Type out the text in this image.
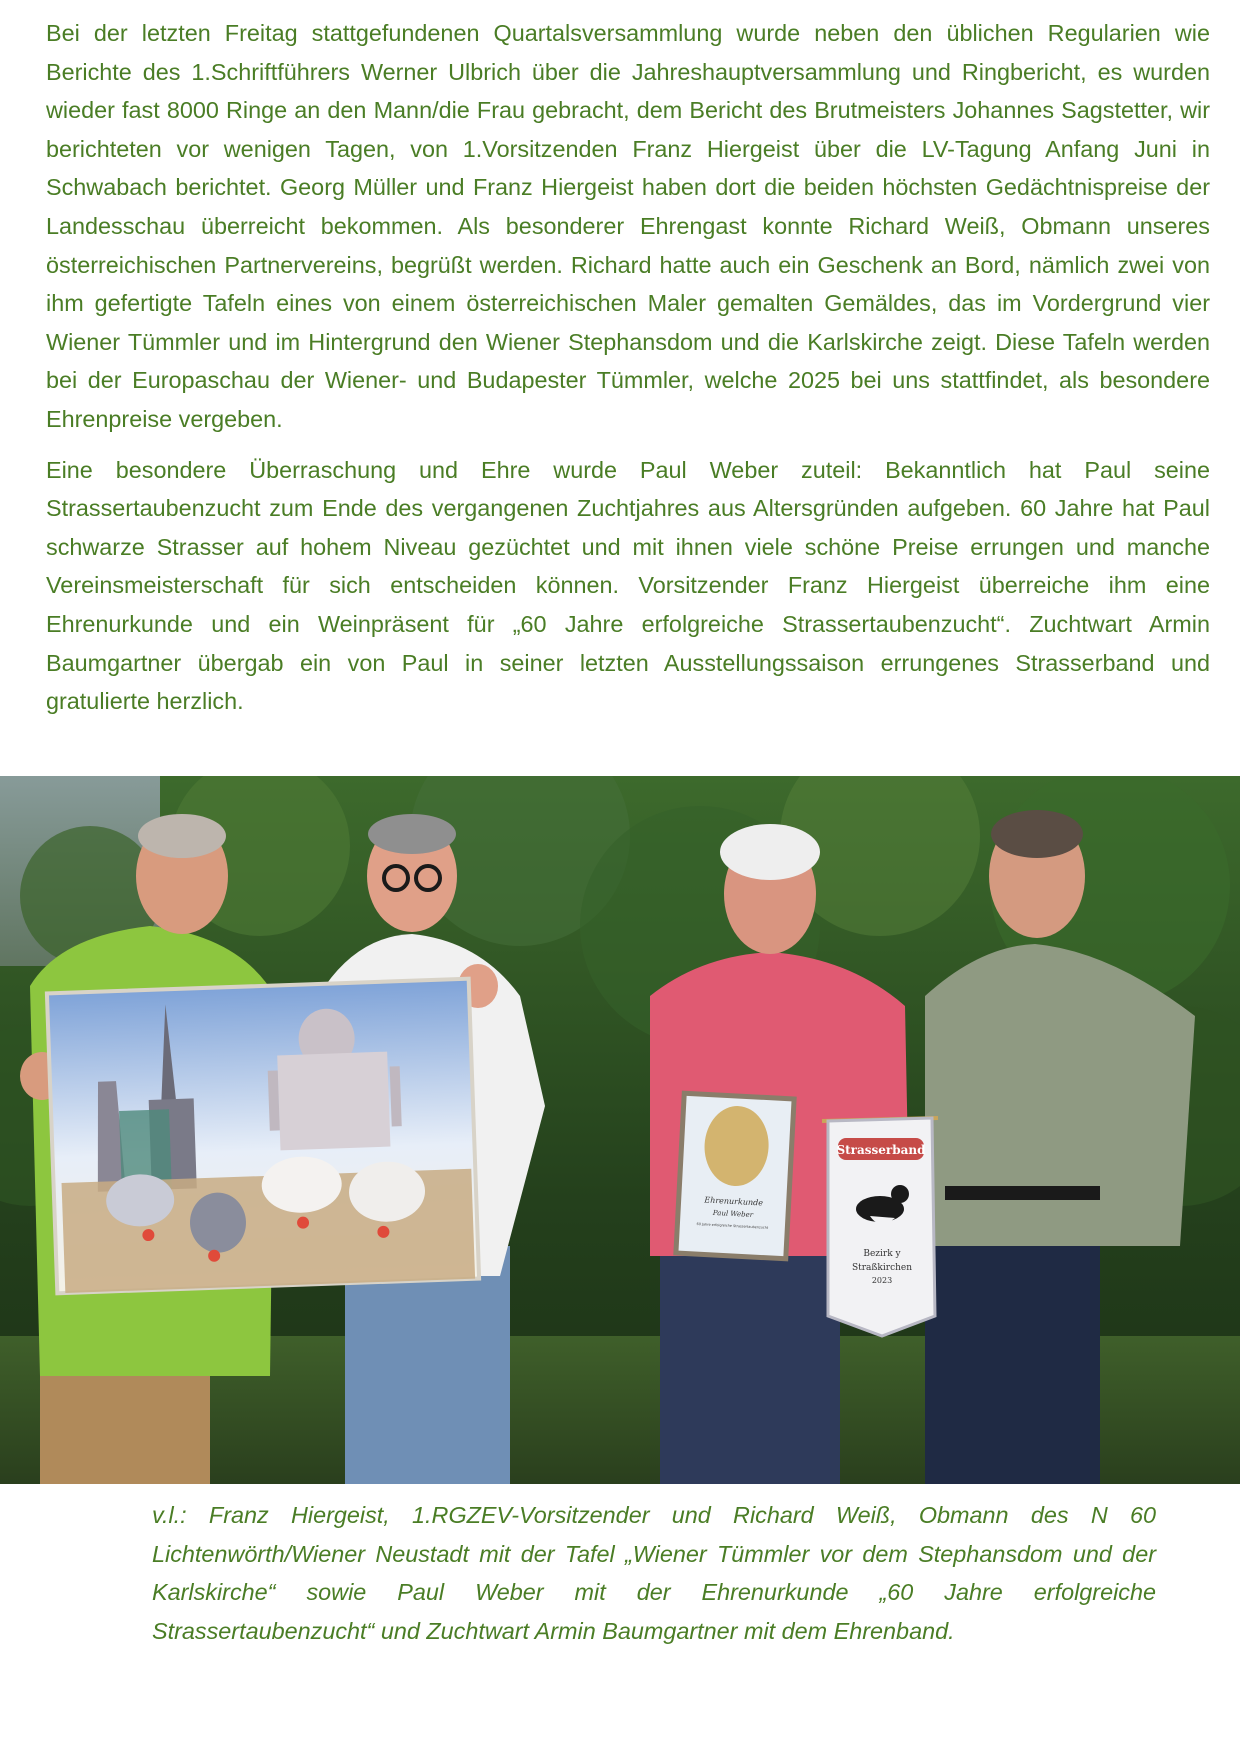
Bei der letzten Freitag stattgefundenen Quartalsversammlung wurde neben den üblichen Regularien wie Berichte des 1.Schriftführers Werner Ulbrich über die Jahreshauptversammlung und Ringbericht, es wurden wieder fast 8000 Ringe an den Mann/die Frau gebracht, dem Bericht des Brutmeisters Johannes Sagstetter, wir berichteten vor wenigen Tagen, von 1.Vorsitzenden Franz Hiergeist über die LV-Tagung Anfang Juni in Schwabach berichtet. Georg Müller und Franz Hiergeist haben dort die beiden höchsten Gedächtnispreise der Landesschau überreicht bekommen. Als besonderer Ehrengast konnte Richard Weiß, Obmann unseres österreichischen Partnervereins, begrüßt werden. Richard hatte auch ein Geschenk an Bord, nämlich zwei von ihm gefertigte Tafeln eines von einem österreichischen Maler gemalten Gemäldes, das im Vordergrund vier Wiener Tümmler und im Hintergrund den Wiener Stephansdom und die Karlskirche zeigt. Diese Tafeln werden bei der Europaschau der Wiener- und Budapester Tümmler, welche 2025 bei uns stattfindet, als besondere Ehrenpreise vergeben.

Eine besondere Überraschung und Ehre wurde Paul Weber zuteil: Bekanntlich hat Paul seine Strassertaubenzucht zum Ende des vergangenen Zuchtjahres aus Altersgründen aufgeben. 60 Jahre hat Paul schwarze Strasser auf hohem Niveau gezüchtet und mit ihnen viele schöne Preise errungen und manche Vereinsmeisterschaft für sich entscheiden können. Vorsitzender Franz Hiergeist überreiche ihm eine Ehrenurkunde und ein Weinpräsent für „60 Jahre erfolgreiche Strassertaubenzucht“. Zuchtwart Armin Baumgartner übergab ein von Paul in seiner letzten Ausstellungssaison errungenes Strasserband und gratulierte herzlich.

Ehrenurkunde
Paul Weber
60 Jahre erfolgreiche Strassertaubenzucht
Strasserband
Bezirk y
Straßkirchen
2023
v.l.: Franz Hiergeist, 1.RGZEV-Vorsitzender und Richard Weiß, Obmann des N 60 Lichtenwörth/Wiener Neustadt mit der Tafel „Wiener Tümmler vor dem Stephansdom und der Karlskirche“ sowie Paul Weber mit der Ehrenurkunde „60 Jahre erfolgreiche Strassertaubenzucht“ und Zuchtwart Armin Baumgartner mit dem Ehrenband.
